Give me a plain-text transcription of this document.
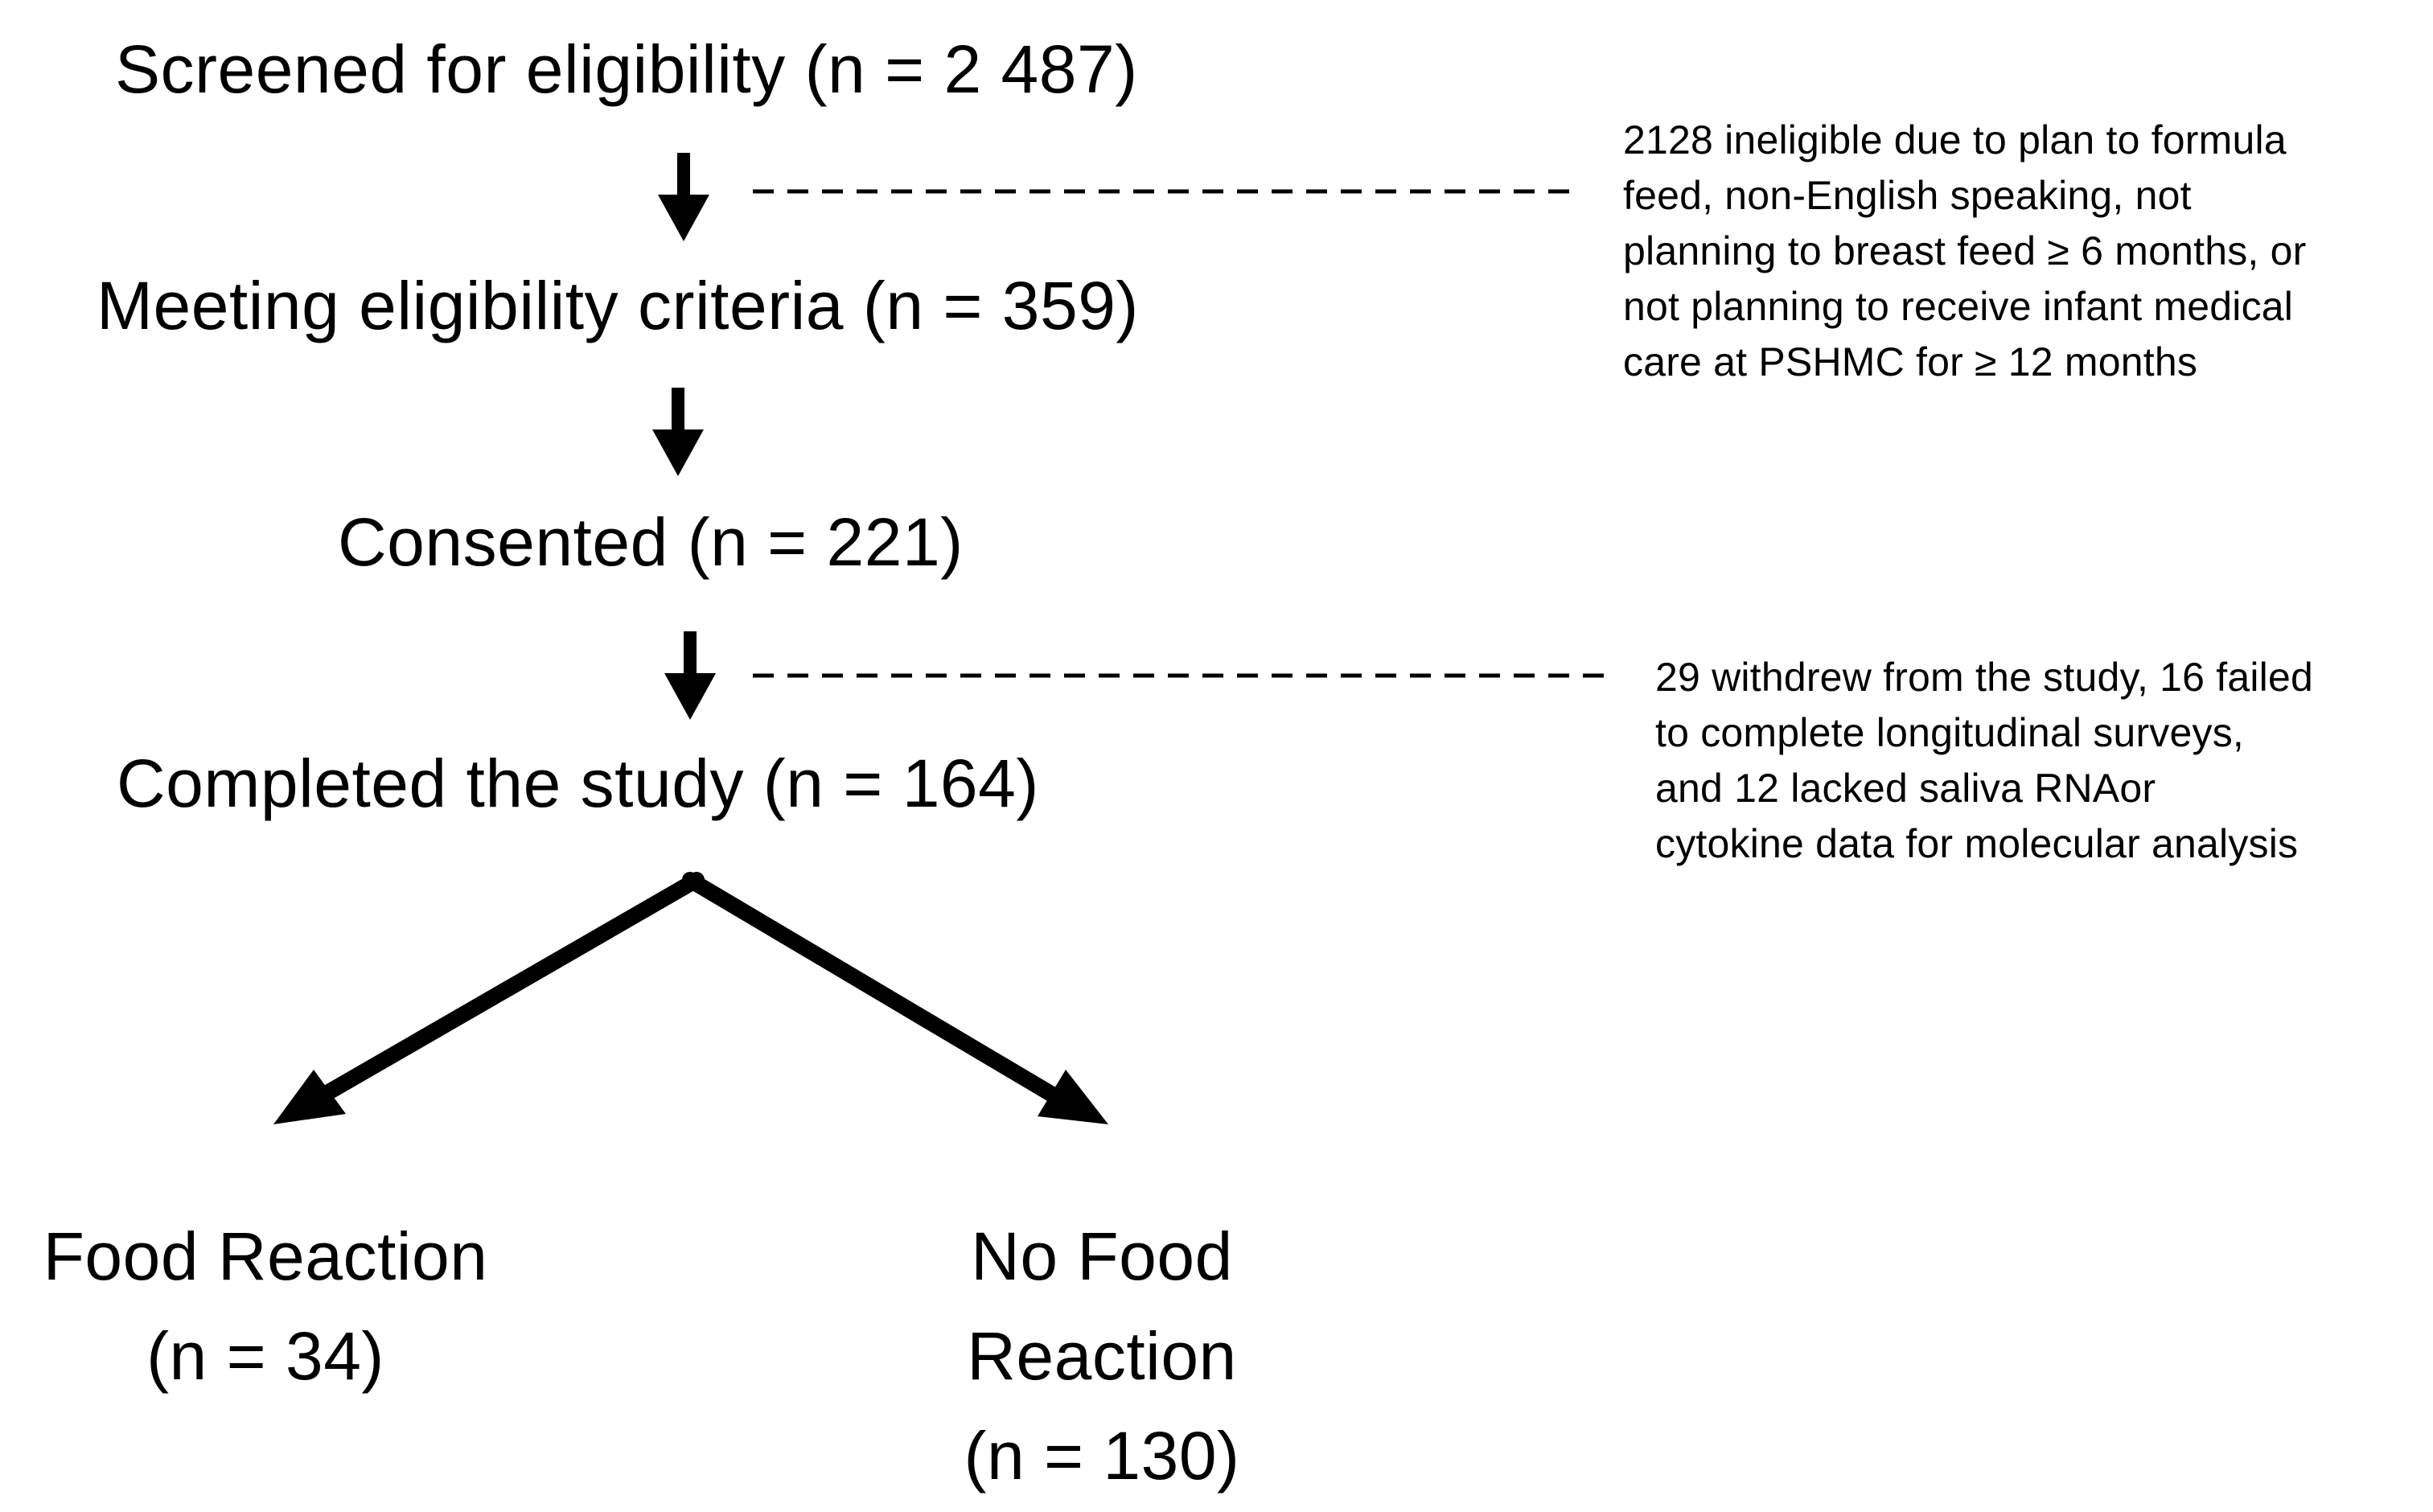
Screened for eligibility (n = 2 487)
Meeting eligibility criteria (n = 359)
Consented (n = 221)
Completed the study (n = 164)
2128 ineligible due to plan to formula
feed, non-English speaking, not
planning to breast feed ≥ 6 months, or
not planning to receive infant medical
care at PSHMC for ≥ 12 months
29 withdrew from the study, 16 failed
to complete longitudinal surveys,
and 12 lacked saliva RNAor
cytokine data for molecular analysis
Food Reaction
(n = 34)
No Food
Reaction
(n = 130)
